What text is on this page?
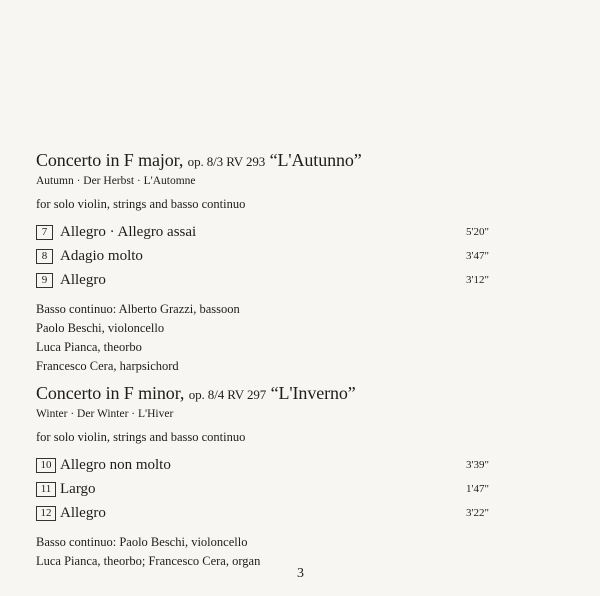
Concerto in F major, op. 8/3 RV 293 “L'Autunno”
Autumn · Der Herbst · L'Automne
for solo violin, strings and basso continuo
7 Allegro · Allegro assai	5'20"
8 Adagio molto	3'47"
9 Allegro	3'12"
Basso continuo: Alberto Grazzi, bassoon
Paolo Beschi, violoncello
Luca Pianca, theorbo
Francesco Cera, harpsichord
Concerto in F minor, op. 8/4 RV 297 “L'Inverno”
Winter · Der Winter · L'Hiver
for solo violin, strings and basso continuo
10 Allegro non molto	3'39"
11 Largo	1'47"
12 Allegro	3'22"
Basso continuo: Paolo Beschi, violoncello
Luca Pianca, theorbo; Francesco Cera, organ
3
